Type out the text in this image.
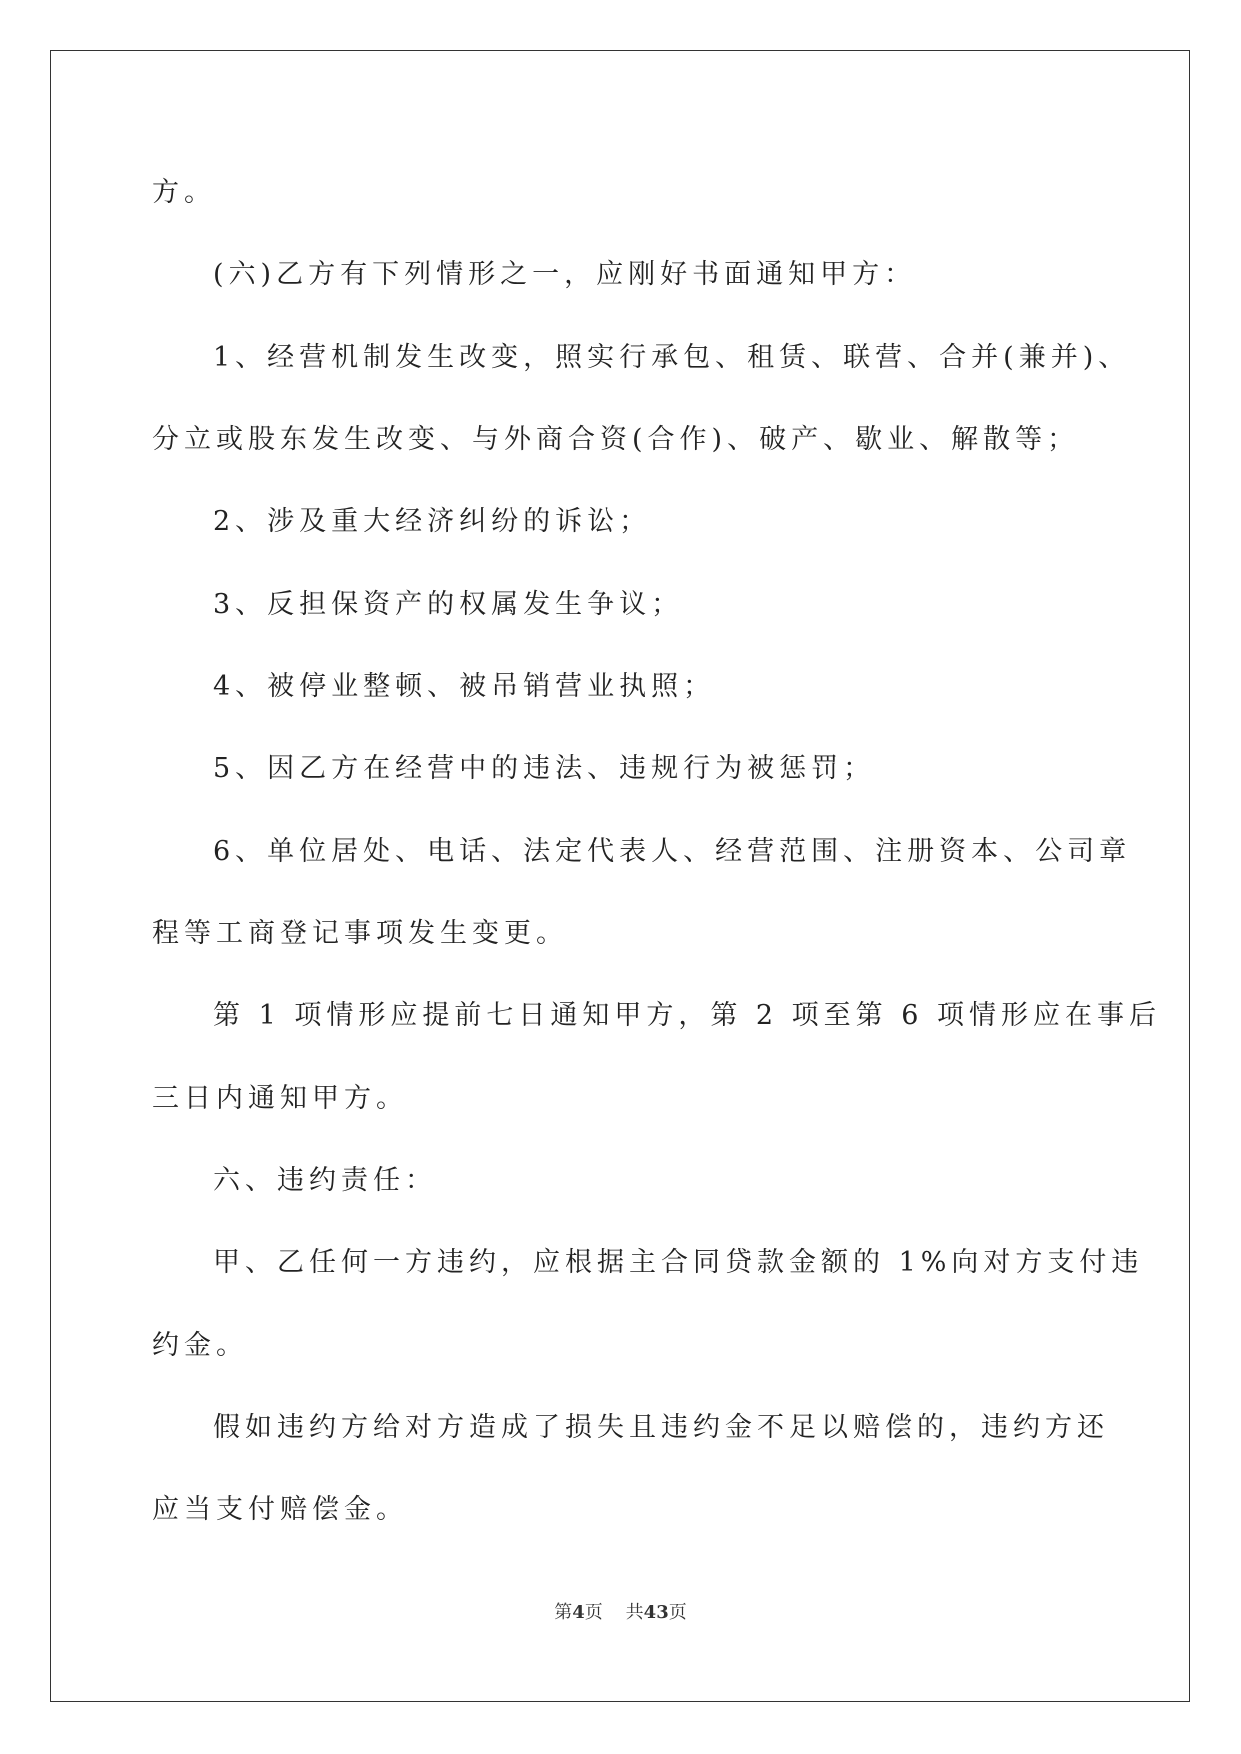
方。
(六)乙方有下列情形之一，应刚好书面通知甲方：
1、经营机制发生改变，照实行承包、租赁、联营、合并(兼并)、
分立或股东发生改变、与外商合资(合作)、破产、歇业、解散等；
2、涉及重大经济纠纷的诉讼；
3、反担保资产的权属发生争议；
4、被停业整顿、被吊销营业执照；
5、因乙方在经营中的违法、违规行为被惩罚；
6、单位居处、电话、法定代表人、经营范围、注册资本、公司章
程等工商登记事项发生变更。
第 1 项情形应提前七日通知甲方，第 2 项至第 6 项情形应在事后
三日内通知甲方。
六、违约责任：
甲、乙任何一方违约，应根据主合同贷款金额的 1%向对方支付违
约金。
假如违约方给对方造成了损失且违约金不足以赔偿的，违约方还
应当支付赔偿金。
第4页 共43页
